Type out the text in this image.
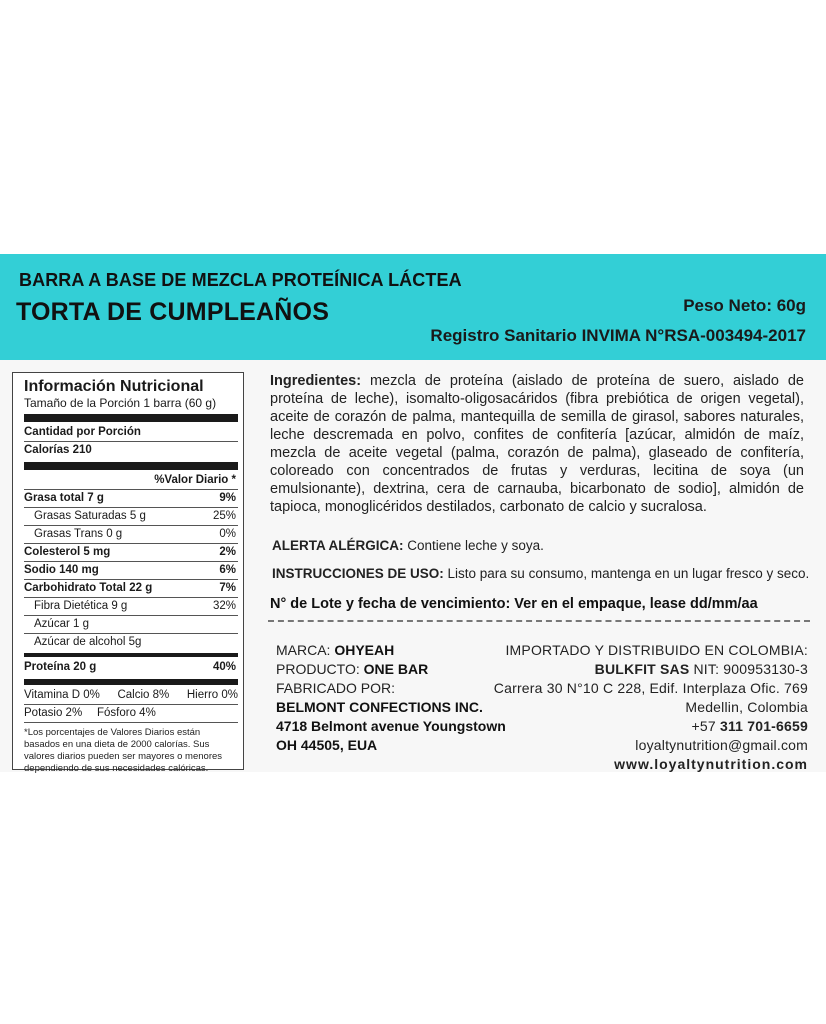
BARRA A BASE DE MEZCLA PROTEÍNICA LÁCTEA
TORTA DE CUMPLEAÑOS	Peso Neto: 60g
Registro Sanitario INVIMA N°RSA-003494-2017
Información Nutricional
Tamaño de la Porción 1 barra (60 g)
Cantidad por Porción
Calorías 210
%Valor Diario *
Grasa total 7 g	9%
Grasas Saturadas 5 g	25%
Grasas Trans 0 g	0%
Colesterol 5 mg	2%
Sodio 140 mg	6%
Carbohidrato Total 22 g	7%
Fibra Dietética 9 g	32%
Azúcar 1 g
Azúcar de alcohol 5g
Proteína 20 g	40%
Vitamina D 0% Calcio 8% Hierro 0%
Potasio 2%	Fósforo 4%
*Los porcentajes de Valores Diarios están basados en una dieta de 2000 calorías. Sus valores diarios pueden ser mayores o menores dependiendo de sus necesidades calóricas.
Ingredientes: mezcla de proteína (aislado de proteína de suero, aislado de proteína de leche), isomalto-oligosacáridos (fibra prebiótica de origen vegetal), aceite de corazón de palma, mantequilla de semilla de girasol, sabores naturales, leche descremada en polvo, confites de confitería [azúcar, almidón de maíz, mezcla de aceite vegetal (palma, corazón de palma), glaseado de confitería, coloreado con concentrados de frutas y verduras, lecitina de soya (un emulsionante), dextrina, cera de carnauba, bicarbonato de sodio], almidón de tapioca, monoglicéridos destilados, carbonato de calcio y sucralosa.
ALERTA ALÉRGICA: Contiene leche y soya.
INSTRUCCIONES DE USO: Listo para su consumo, mantenga en un lugar fresco y seco.
N° de Lote y fecha de vencimiento: Ver en el empaque, lease dd/mm/aa
MARCA: OHYEAH
PRODUCTO: ONE BAR
FABRICADO POR:
BELMONT CONFECTIONS INC.
4718 Belmont avenue Youngstown
OH 44505, EUA
IMPORTADO Y DISTRIBUIDO EN COLOMBIA:
BULKFIT SAS NIT: 900953130-3
Carrera 30 N°10 C 228, Edif. Interplaza Ofic. 769
Medellin, Colombia
+57 311 701-6659
loyaltynutrition@gmail.com
www.loyaltynutrition.com
